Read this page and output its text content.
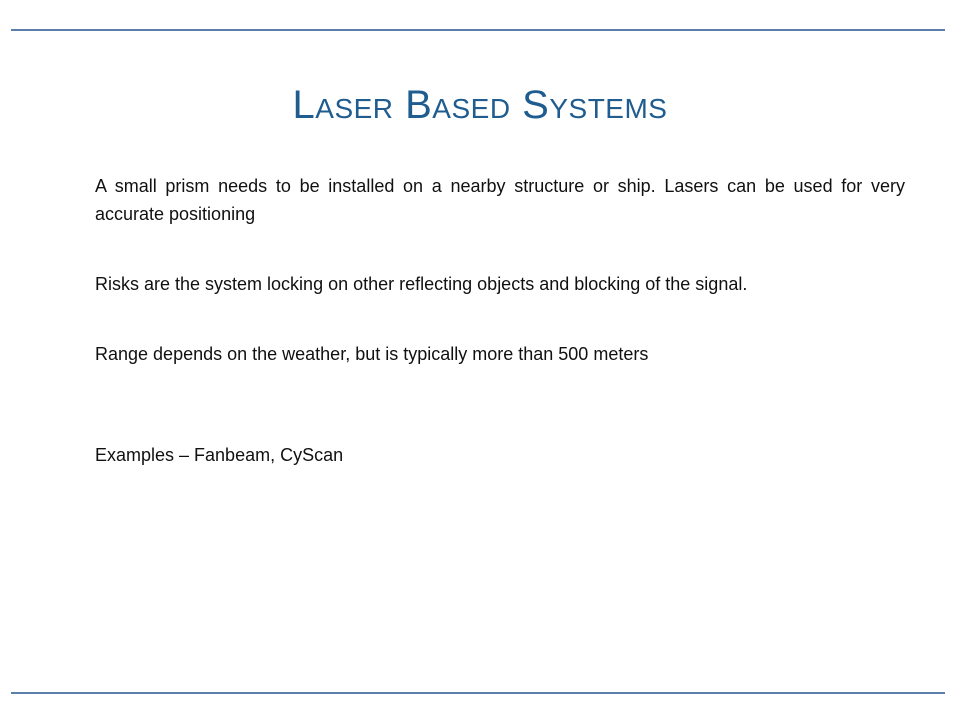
Laser Based Systems

A small prism needs to be installed on a nearby structure or ship. Lasers can be used for very accurate positioning

Risks are the system locking on other reflecting objects and blocking of the signal.

Range depends on the weather, but is typically more than 500 meters

Examples – Fanbeam, CyScan
